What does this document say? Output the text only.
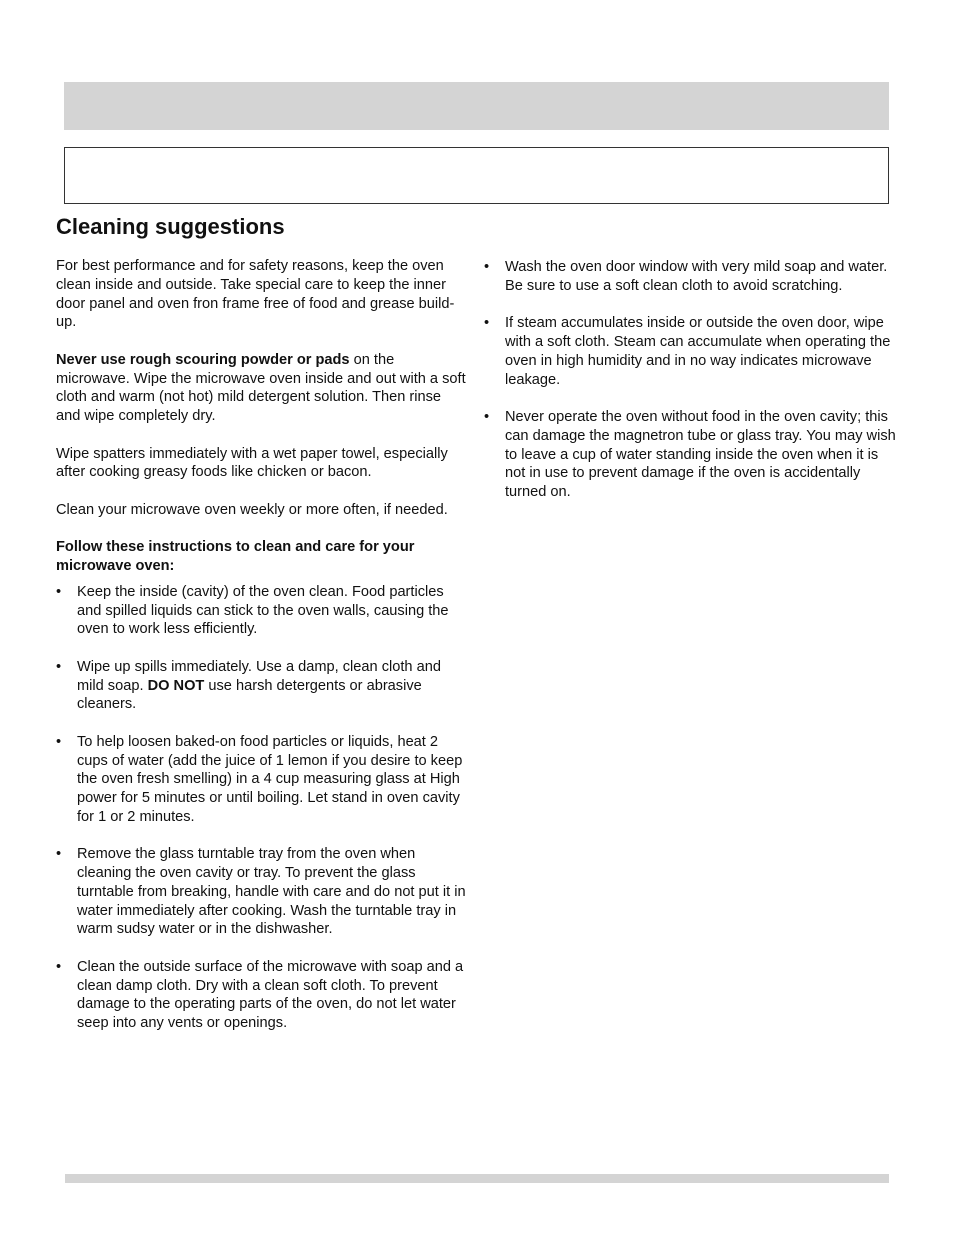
Cleaning suggestions

For best performance and for safety reasons, keep the oven clean inside and outside. Take special care to keep the inner door panel and oven fron frame free of food and grease build-up.

Never use rough scouring powder or pads on the microwave. Wipe the microwave oven inside and out with a soft cloth and warm (not hot) mild detergent solution. Then rinse and wipe completely dry.

Wipe spatters immediately with a wet paper towel, especially after cooking greasy foods like chicken or bacon.

Clean your microwave oven weekly or more often, if needed.

Follow these instructions to clean and care for your microwave oven:

• Keep the inside (cavity) of the oven clean. Food particles and spilled liquids can stick to the oven walls, causing the oven to work less efficiently.
• Wipe up spills immediately. Use a damp, clean cloth and mild soap. DO NOT use harsh detergents or abrasive cleaners.
• To help loosen baked-on food particles or liquids, heat 2 cups of water (add the juice of 1 lemon if you desire to keep the oven fresh smelling) in a 4 cup measuring glass at High power for 5 minutes or until boiling. Let stand in oven cavity for 1 or 2 minutes.
• Remove the glass turntable tray from the oven when cleaning the oven cavity or tray. To prevent the glass turntable from breaking, handle with care and do not put it in water immediately after cooking. Wash the turntable tray in warm sudsy water or in the dishwasher.
• Clean the outside surface of the microwave with soap and a clean damp cloth. Dry with a clean soft cloth. To prevent damage to the operating parts of the oven, do not let water seep into any vents or openings.
• Wash the oven door window with very mild soap and water. Be sure to use a soft clean cloth to avoid scratching.
• If steam accumulates inside or outside the oven door, wipe with a soft cloth. Steam can accumulate when operating the oven in high humidity and in no way indicates microwave leakage.
• Never operate the oven without food in the oven cavity; this can damage the magnetron tube or glass tray. You may wish to leave a cup of water standing inside the oven when it is not in use to prevent damage if the oven is accidentally turned on.
